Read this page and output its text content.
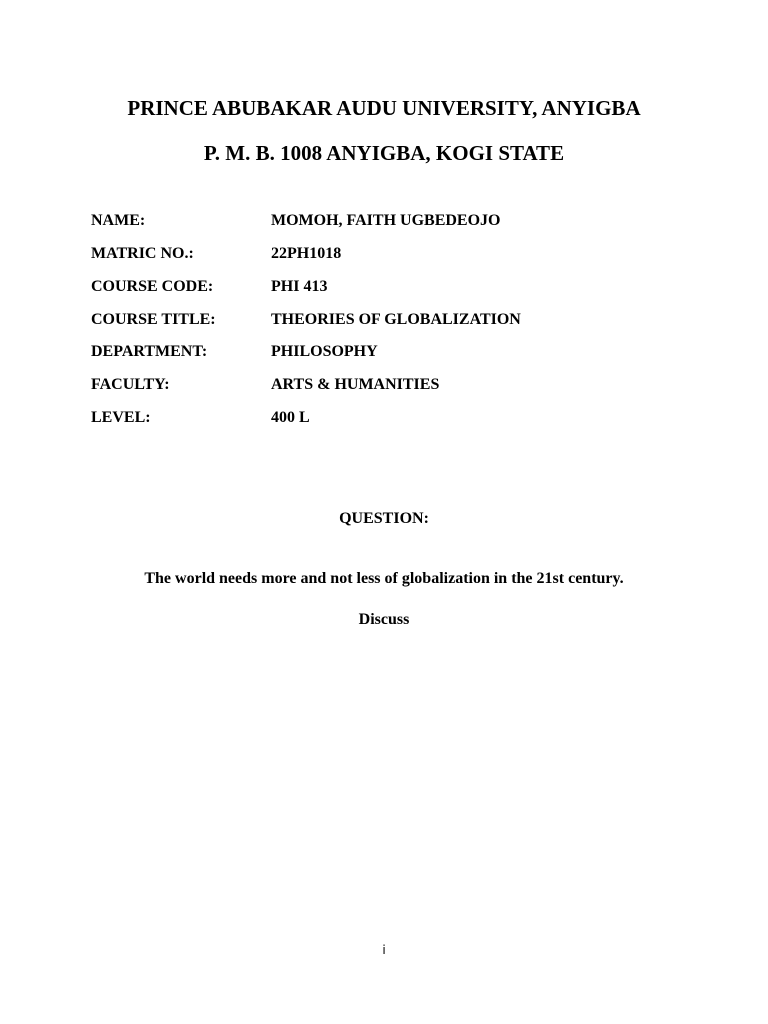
PRINCE ABUBAKAR AUDU UNIVERSITY, ANYIGBA
P. M. B. 1008 ANYIGBA, KOGI STATE
NAME:	MOMOH, FAITH UGBEDEOJO
MATRIC NO.:	22PH1018
COURSE CODE:	PHI 413
COURSE TITLE:	THEORIES OF GLOBALIZATION
DEPARTMENT:	PHILOSOPHY
FACULTY:	ARTS & HUMANITIES
LEVEL:	400 L
QUESTION:
The world needs more and not less of globalization in the 21st century.
Discuss
i
